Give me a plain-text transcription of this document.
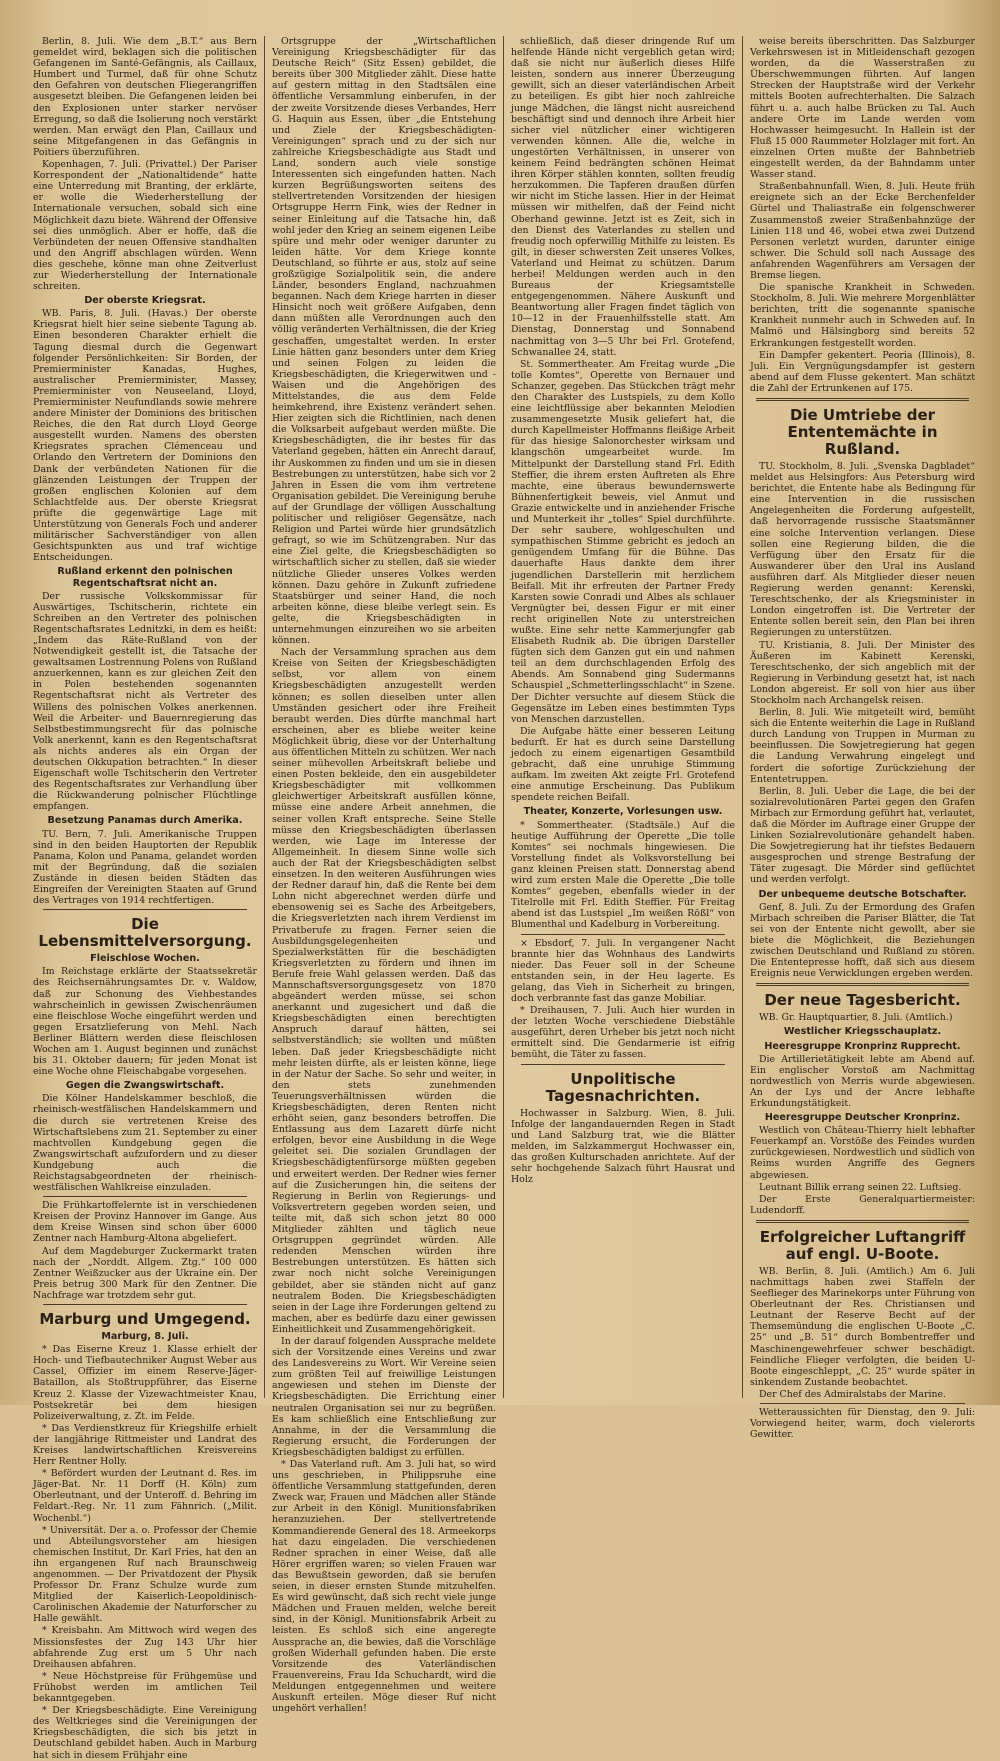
Berlin, 8. Juli. Wie dem „B.T.“ aus Bern gemeldet wird, beklagen sich die politischen Gefangenen im Santé-Gefängnis, als Caillaux, Humbert und Turmel, daß für ohne Schutz den Gefahren von deutschen Fliegerangriffen ausgesetzt bleiben. Die Gefangenen leiden bei den Explosionen unter starker nervöser Erregung, so daß die Isolierung noch verstärkt werden. Man erwägt den Plan, Caillaux und seine Mitgefangenen in das Gefängnis in Poitiers überzuführen.

Kopenhagen, 7. Juli. (Privattel.) Der Pariser Korrespondent der „Nationaltidende“ hatte eine Unterredung mit Branting, der erklärte, er wolle die Wiederherstellung der Internationale versuchen, sobald sich eine Möglichkeit dazu biete. Während der Offensive sei dies unmöglich. Aber er hoffe, daß die Verbündeten der neuen Offensive standhalten und den Angriff abschlagen würden. Wenn dies geschehe, könne man ohne Zeitverlust zur Wiederherstellung der Internationale schreiten.

Der oberste Kriegsrat.

WB. Paris, 8. Juli. (Havas.) Der oberste Kriegsrat hielt hier seine siebente Tagung ab. Einen besonderen Charakter erhielt die Tagung diesmal durch die Gegenwart folgender Persönlichkeiten: Sir Borden, der Premierminister Kanadas, Hughes, australischer Premierminister, Massey, Premierminister von Neuseeland, Lloyd, Premierminister Neufundlands sowie mehrere andere Minister der Dominions des britischen Reiches, die den Rat durch Lloyd George ausgestellt wurden. Namens des obersten Kriegsrates sprachen Clémenceau und Orlando den Vertretern der Dominions den Dank der verbündeten Nationen für die glänzenden Leistungen der Truppen der großen englischen Kolonien auf dem Schlachtfelde aus. Der oberste Kriegsrat prüfte die gegenwärtige Lage mit Unterstützung von Generals Foch und anderer militärischer Sachverständiger von allen Gesichtspunkten aus und traf wichtige Entscheidungen.

Rußland erkennt den polnischen Regentschaftsrat nicht an.

Der russische Volkskommissar für Auswärtiges, Tschitscherin, richtete ein Schreiben an den Vertreter des polnischen Regentschaftsrates Lednitzki, in dem es heißt: „Indem das Räte-Rußland von der Notwendigkeit gestellt ist, die Tatsache der gewaltsamen Lostrennung Polens von Rußland anzuerkennen, kann es zur gleichen Zeit den in Polen bestehenden sogenannten Regentschaftsrat nicht als Vertreter des Willens des polnischen Volkes anerkennen. Weil die Arbeiter- und Bauernregierung das Selbstbestimmungsrecht für das polnische Volk anerkennt, kann es den Regentschaftsrat als nichts anderes als ein Organ der deutschen Okkupation betrachten.“ In dieser Eigenschaft wolle Tschitscherin den Vertreter des Regentschaftsrates zur Verhandlung über die Rückwanderung polnischer Flüchtlinge empfangen.

Besetzung Panamas durch Amerika.

TU. Bern, 7. Juli. Amerikanische Truppen sind in den beiden Hauptorten der Republik Panama, Kolon und Panama, gelandet worden mit der Begründung, daß die sozialen Zustände in diesen beiden Städten das Eingreifen der Vereinigten Staaten auf Grund des Vertrages von 1914 rechtfertigen.

Die Lebensmittelversorgung.
Fleischlose Wochen.

Im Reichstage erklärte der Staatssekretär des Reichsernährungsamtes Dr. v. Waldow, daß zur Schonung des Viehbestandes wahrscheinlich in gewissen Zwischenräumen eine fleischlose Woche eingeführt werden und gegen Ersatzlieferung von Mehl. Nach Berliner Blättern werden diese fleischlosen Wochen am 1. August beginnen und zunächst bis 31. Oktober dauern; für jeden Monat ist eine Woche ohne Fleischabgabe vorgesehen.

Gegen die Zwangswirtschaft.

Die Kölner Handelskammer beschloß, die rheinisch-westfälischen Handelskammern und die durch sie vertretenen Kreise des Wirtschaftslebens zum 21. September zu einer machtvollen Kundgebung gegen die Zwangswirtschaft aufzufordern und zu dieser Kundgebung auch die Reichstagsabgeordneten der rheinisch-westfälischen Wahlkreise einzuladen.

Die Frühkartoffelernte ist in verschiedenen Kreisen der Provinz Hannover im Gange. Aus dem Kreise Winsen sind schon über 6000 Zentner nach Hamburg-Altona abgeliefert.

Auf dem Magdeburger Zuckermarkt traten nach der „Norddt. Allgem. Ztg.“ 100 000 Zentner Weißzucker aus der Ukraine ein. Der Preis betrug 300 Mark für den Zentner. Die Nachfrage war trotzdem sehr gut.

Marburg und Umgegend.
Marburg, 8. Juli.

* Das Eiserne Kreuz 1. Klasse erhielt der Hoch- und Tiefbautechniker August Weber aus Cassel, Offizier im einem Reserve-Jäger-Bataillon, als Stoßtruppführer, das Eiserne Kreuz 2. Klasse der Vizewachtmeister Knau, Postsekretär bei dem hiesigen Polizeiverwaltung, z. Zt. im Felde.

* Das Verdienstkreuz für Kriegshilfe erhielt der langjährige Rittmeister und Landrat des Kreises landwirtschaftlichen Kreisvereins Herr Rentner Holly.

* Befördert wurden der Leutnant d. Res. im Jäger-Bat. Nr. 11 Dorff (H. Köln) zum Oberleutnant, und der Unteroff. d. Behring im Feldart.-Reg. Nr. 11 zum Fähnrich. („Milit. Wochenbl.“)

* Universität. Der a. o. Professor der Chemie und Abteilungsvorsteher am hiesigen chemischen Institut, Dr. Karl Fries, hat den an ihn ergangenen Ruf nach Braunschweig angenommen. — Der Privatdozent der Physik Professor Dr. Franz Schulze wurde zum Mitglied der Kaiserlich-Leopoldinisch-Carolinischen Akademie der Naturforscher zu Halle gewählt.

* Kreisbahn. Am Mittwoch wird wegen des Missionsfestes der Zug 143 Uhr hier abfahrende Zug erst um 5 Uhr nach Dreihausen abfahren.

* Neue Höchstpreise für Frühgemüse und Frühobst werden im amtlichen Teil bekanntgegeben.

* Der Kriegsbeschädigte. Eine Vereinigung des Weltkrieges sind die Vereinigungen der Kriegsbeschädigten, die sich bis jetzt in Deutschland gebildet haben. Auch in Marburg hat sich in diesem Frühjahr eine

Ortsgruppe der „Wirtschaftlichen Vereinigung Kriegsbeschädigter für das Deutsche Reich“ (Sitz Essen) gebildet, die bereits über 300 Mitglieder zählt. Diese hatte auf gestern mittag in den Stadtsälen eine öffentliche Versammlung einberufen, in der der zweite Vorsitzende dieses Verbandes, Herr G. Haquin aus Essen, über „die Entstehung und Ziele der Kriegsbeschädigten-Vereinigungen“ sprach und zu der sich nur zahlreiche Kriegsbeschädigte aus Stadt und Land, sondern auch viele sonstige Interessenten sich eingefunden hatten. Nach kurzen Begrüßungsworten seitens des stellvertretenden Vorsitzenden der hiesigen Ortsgruppe Herrn Fink, wies der Redner in seiner Einleitung auf die Tatsache hin, daß wohl jeder den Krieg an seinem eigenen Leibe spüre und mehr oder weniger darunter zu leiden hätte. Vor dem Kriege konnte Deutschland, so führte er aus, stolz auf seine großzügige Sozialpolitik sein, die andere Länder, besonders England, nachzuahmen begannen. Nach dem Kriege harrten in dieser Hinsicht noch weit größere Aufgaben, denn dann müßten alle Verordnungen auch den völlig veränderten Verhältnissen, die der Krieg geschaffen, umgestaltet werden. In erster Linie hätten ganz besonders unter dem Krieg und seinen Folgen zu leiden die Kriegsbeschädigten, die Kriegerwitwen und -Waisen und die Angehörigen des Mittelstandes, die aus dem Felde heimkehrend, ihre Existenz verändert sehen. Hier zeigten sich die Richtlinien, nach denen die Volksarbeit aufgebaut werden müßte. Die Kriegsbeschädigten, die ihr bestes für das Vaterland gegeben, hätten ein Anrecht darauf, ihr Auskommen zu finden und um sie in diesen Bestrebungen zu unterstützen, habe sich vor 2 Jahren in Essen die vom ihm vertretene Organisation gebildet. Die Vereinigung beruhe auf der Grundlage der völligen Ausschaltung politischer und religiöser Gegensätze, nach Religion und Partei würde hier grundsätzlich gefragt, so wie im Schützengraben. Nur das eine Ziel gelte, die Kriegsbeschädigten so wirtschaftlich sicher zu stellen, daß sie wieder nützliche Glieder unseres Volkes werden können. Dazu gehöre in Zukunft zufriedene Staatsbürger und seiner Hand, die noch arbeiten könne, diese bleibe verlegt sein. Es gelte, die Kriegsbeschädigten in unternehmungen einzureihen wo sie arbeiten können.

Nach der Versammlung sprachen aus dem Kreise von Seiten der Kriegsbeschädigten selbst, vor allem von einem Kriegsbeschädigten anzugestellt werden können; es sollen dieselben unter allen Umständen gesichert oder ihre Freiheit beraubt werden. Dies dürfte manchmal hart erscheinen, aber es bliebe weiter keine Möglichkeit übrig, diese vor der Unterhaltung aus öffentlichen Mitteln zu schützen. Wer nach seiner mühevollen Arbeitskraft beliebe und einen Posten bekleide, den ein ausgebildeter Kriegsbeschädigter mit vollkommen gleichwertiger Arbeitskraft ausfüllen könne, müsse eine andere Arbeit annehmen, die seiner vollen Kraft entspreche. Seine Stelle müsse den Kriegsbeschädigten überlassen werden, wie Lage im Interesse der Allgemeinheit. In diesem Sinne wolle sich auch der Rat der Kriegsbeschädigten selbst einsetzen. In den weiteren Ausführungen wies der Redner darauf hin, daß die Rente bei dem Lohn nicht abgerechnet werden dürfe und ebensowenig sei es Sache des Arbeitgebers, die Kriegsverletzten nach ihrem Verdienst im Privatberufe zu fragen. Ferner seien die Ausbildungsgelegenheiten und Spezialwerkstätten für die beschädigten Kriegsverletzten zu fördern und ihnen im Berufe freie Wahl gelassen werden. Daß das Mannschaftsversorgungsgesetz von 1870 abgeändert werden müsse, sei schon anerkannt und zugesichert und daß die Kriegsbeschädigten einen berechtigten Anspruch darauf hätten, sei selbstverständlich; sie wollten und müßten leben. Daß jeder Kriegsbeschädigte nicht mehr leisten dürfte, als er leisten könne, liege in der Natur der Sache. So sehr und weiter, in den stets zunehmenden Teuerungsverhältnissen würden die Kriegsbeschädigten, deren Renten nicht erhöht seien, ganz besonders betroffen. Die Entlassung aus dem Lazarett dürfe nicht erfolgen, bevor eine Ausbildung in die Wege geleitet sei. Die sozialen Grundlagen der Kriegsbeschädigtenfürsorge müßten gegeben und erweitert werden. Der Redner wies ferner auf die Zusicherungen hin, die seitens der Regierung in Berlin von Regierungs- und Volksvertretern gegeben worden seien, und teilte mit, daß sich schon jetzt 80 000 Mitglieder zählten und täglich neue Ortsgruppen gegründet würden. Alle redenden Menschen würden ihre Bestrebungen unterstützen. Es hätten sich zwar noch nicht solche Vereinigungen gebildet, aber sie ständen nicht auf ganz neutralem Boden. Die Kriegsbeschädigten seien in der Lage ihre Forderungen geltend zu machen, aber es bedürfe dazu einer gewissen Einheitlichkeit und Zusammengehörigkeit.

In der darauf folgenden Aussprache meldete sich der Vorsitzende eines Vereins und zwar des Landesvereins zu Wort. Wir Vereine seien zum größten Teil auf freiwillige Leistungen angewiesen und stehen im Dienste der Kriegsbeschädigten. Die Errichtung einer neutralen Organisation sei nur zu begrüßen. Es kam schließlich eine Entschließung zur Annahme, in der die Versammlung die Regierung ersucht, die Forderungen der Kriegsbeschädigten baldigst zu erfüllen.

* Das Vaterland ruft. Am 3. Juli hat, so wird uns geschrieben, in Philippsruhe eine öffentliche Versammlung stattgefunden, deren Zweck war, Frauen und Mädchen aller Stände zur Arbeit in den Königl. Munitionsfabriken heranzuziehen. Der stellvertretende Kommandierende General des 18. Armeekorps hat dazu eingeladen. Die verschiedenen Redner sprachen in einer Weise, daß alle Hörer ergriffen waren; so vielen Frauen war das Bewußtsein geworden, daß sie berufen seien, in dieser ernsten Stunde mitzuhelfen. Es wird gewünscht, daß sich recht viele junge Mädchen und Frauen melden, welche bereit sind, in der Königl. Munitionsfabrik Arbeit zu leisten. Es schloß sich eine angeregte Aussprache an, die bewies, daß die Vorschläge großen Widerhall gefunden haben. Die erste Vorsitzende des Vaterländischen Frauenvereins, Frau Ida Schuchardt, wird die Meldungen entgegennehmen und weitere Auskunft erteilen. Möge dieser Ruf nicht ungehört verhallen!

schließlich, daß dieser dringende Ruf um helfende Hände nicht vergeblich getan wird; daß sie nicht nur äußerlich dieses Hilfe leisten, sondern aus innerer Überzeugung gewillt, sich an dieser vaterländischen Arbeit zu beteiligen. Es gibt hier noch zahlreiche junge Mädchen, die längst nicht ausreichend beschäftigt sind und dennoch ihre Arbeit hier sicher viel nützlicher einer wichtigeren verwenden können. Alle die, welche in ungestörten Verhältnissen, in unserer von keinem Feind bedrängten schönen Heimat ihren Körper stählen konnten, sollten freudig herzukommen. Die Tapferen draußen dürfen wir nicht im Stiche lassen. Hier in der Heimat müssen wir mithelfen, daß der Feind nicht Oberhand gewinne. Jetzt ist es Zeit, sich in den Dienst des Vaterlandes zu stellen und freudig noch opferwillig Mithilfe zu leisten. Es gilt, in dieser schwersten Zeit unseres Volkes, Vaterland und Heimat zu schützen. Darum herbei! Meldungen werden auch in den Bureaus der Kriegsamtstelle entgegengenommen. Nähere Auskunft und Beantwortung aller Fragen findet täglich von 10—12 in der Frauenhilfsstelle statt. Am Dienstag, Donnerstag und Sonnabend nachmittag von 3—5 Uhr bei Frl. Grotefend, Schwanallee 24, statt.

St. Sommertheater. Am Freitag wurde „Die tolle Komtes“, Operette von Bernauer und Schanzer, gegeben. Das Stückchen trägt mehr den Charakter des Lustspiels, zu dem Kollo eine leichtflüssige aber bekannten Melodien zusammengesetzte Musik geliefert hat, die durch Kapellmeister Hoffmanns fleißige Arbeit für das hiesige Salonorchester wirksam und klangschön umgearbeitet wurde. Im Mittelpunkt der Darstellung stand Frl. Edith Steffier, die ihrem ersten Auftreten als Ehre machte, eine überaus bewundernswerte Bühnenfertigkeit beweis, viel Anmut und Grazie entwickelte und in anziehender Frische und Munterkeit ihr „tolles“ Spiel durchführte. Der sehr saubere, wohlgeschulten und sympathischen Stimme gebricht es jedoch an genügendem Umfang für die Bühne. Das dauerhafte Haus dankte dem ihrer jugendlichen Darstellerin mit herzlichem Beifall. Mit ihr erfreuten der Partner Fredy Karsten sowie Conradi und Albes als schlauer Vergnügter bei, dessen Figur er mit einer recht originellen Note zu unterstreichen wußte. Eine sehr nette Kammerjungfer gab Elisabeth Rudnik ab. Die übrigen Darsteller fügten sich dem Ganzen gut ein und nahmen teil an dem durchschlagenden Erfolg des Abends. Am Sonnabend ging Sudermanns Schauspiel „Schmetterlingsschlacht“ in Szene. Der Dichter versuchte auf diesem Stück die Gegensätze im Leben eines bestimmten Typs von Menschen darzustellen.

Die Aufgabe hätte einer besseren Leitung bedurft. Er hat es durch seine Darstellung jedoch zu einem eigenartigen Gesamtbild gebracht, daß eine unruhige Stimmung aufkam. Im zweiten Akt zeigte Frl. Grotefend eine anmutige Erscheinung. Das Publikum spendete reichen Beifall.

Theater, Konzerte, Vorlesungen usw.

* Sommertheater. (Stadtsäle.) Auf die heutige Aufführung der Operette „Die tolle Komtes“ sei nochmals hingewiesen. Die Vorstellung findet als Volksvorstellung bei ganz kleinen Preisen statt. Donnerstag abend wird zum ersten Male die Operette „Die tolle Komtes“ gegeben, ebenfalls wieder in der Titelrolle mit Frl. Edith Steffier. Für Freitag abend ist das Lustspiel „Im weißen Rößl“ von Blumenthal und Kadelburg in Vorbereitung.

× Ebsdorf, 7. Juli. In vergangener Nacht brannte hier das Wohnhaus des Landwirts nieder. Das Feuer soll in der Scheune entstanden sein, in der Heu lagerte. Es gelang, das Vieh in Sicherheit zu bringen, doch verbrannte fast das ganze Mobiliar.

* Dreihausen, 7. Juli. Auch hier wurden in der letzten Woche verschiedene Diebstähle ausgeführt, deren Urheber bis jetzt noch nicht ermittelt sind. Die Gendarmerie ist eifrig bemüht, die Täter zu fassen.

Unpolitische Tagesnachrichten.

Hochwasser in Salzburg. Wien, 8. Juli. Infolge der langandauernden Regen in Stadt und Land Salzburg trat, wie die Blätter melden, im Salzkammergut Hochwasser ein, das großen Kulturschaden anrichtete. Auf der sehr hochgehende Salzach führt Hausrat und Holz

weise bereits überschritten. Das Salzburger Verkehrswesen ist in Mitleidenschaft gezogen worden, da die Wasserstraßen zu Überschwemmungen führten. Auf langen Strecken der Hauptstraße wird der Verkehr mittels Booten aufrechterhalten. Die Salzach führt u. a. auch halbe Brücken zu Tal. Auch andere Orte im Lande werden vom Hochwasser heimgesucht. In Hallein ist der Fluß 15 000 Raummeter Holzlager mit fort. An einzelnen Orten mußte der Bahnbetrieb eingestellt werden, da der Bahndamm unter Wasser stand.

Straßenbahnunfall. Wien, 8. Juli. Heute früh ereignete sich an der Ecke Berchenfelder Gürtel und Thaliastraße ein folgenschwerer Zusammenstoß zweier Straßenbahnzüge der Linien 118 und 46, wobei etwa zwei Dutzend Personen verletzt wurden, darunter einige schwer. Die Schuld soll nach Aussage des anfahrenden Wagenführers am Versagen der Bremse liegen.

Die spanische Krankheit in Schweden. Stockholm, 8. Juli. Wie mehrere Morgenblätter berichten, tritt die sogenannte spanische Krankheit nunmehr auch in Schweden auf. In Malmö und Hälsingborg sind bereits 52 Erkrankungen festgestellt worden.

Ein Dampfer gekentert. Peoria (Illinois), 8. Juli. Ein Vergnügungsdampfer ist gestern abend auf dem Flusse gekentert. Man schätzt die Zahl der Ertrunkenen auf 175.

Die Umtriebe der Ententemächte in Rußland.

TU. Stockholm, 8. Juli. „Svenska Dagbladet“ meldet aus Helsingfors: Aus Petersburg wird berichtet, die Entente habe als Bedingung für eine Intervention in die russischen Angelegenheiten die Forderung aufgestellt, daß hervorragende russische Staatsmänner eine solche Intervention verlangen. Diese sollen eine Regierung bilden, die die Verfügung über den Ersatz für die Auswanderer über den Ural ins Ausland ausführen darf. Als Mitglieder dieser neuen Regierung werden genannt: Kerenski, Tereschtschenko, der als Kriegsminister in London eingetroffen ist. Die Vertreter der Entente sollen bereit sein, den Plan bei ihren Regierungen zu unterstützen.

TU. Kristiania, 8. Juli. Der Minister des Äußeren im Kabinett Kerenski, Tereschtschenko, der sich angeblich mit der Regierung in Verbindung gesetzt hat, ist nach London abgereist. Er soll von hier aus über Stockholm nach Archangelsk reisen.

Berlin, 8. Juli. Wie mitgeteilt wird, bemüht sich die Entente weiterhin die Lage in Rußland durch Landung von Truppen in Murman zu beeinflussen. Die Sowjetregierung hat gegen die Landung Verwahrung eingelegt und fordert die sofortige Zurückziehung der Ententetruppen.

Berlin, 8. Juli. Ueber die Lage, die bei der sozialrevolutionären Partei gegen den Grafen Mirbach zur Ermordung geführt hat, verlautet, daß die Mörder im Auftrage einer Gruppe der Linken Sozialrevolutionäre gehandelt haben. Die Sowjetregierung hat ihr tiefstes Bedauern ausgesprochen und strenge Bestrafung der Täter zugesagt. Die Mörder sind geflüchtet und werden verfolgt.

Der unbequeme deutsche Botschafter.

Genf, 8. Juli. Zu der Ermordung des Grafen Mirbach schreiben die Pariser Blätter, die Tat sei von der Entente nicht gewollt, aber sie biete die Möglichkeit, die Beziehungen zwischen Deutschland und Rußland zu stören. Die Ententepresse hofft, daß sich aus diesem Ereignis neue Verwicklungen ergeben werden.

Der neue Tagesbericht.

WB. Gr. Hauptquartier, 8. Juli. (Amtlich.)

Westlicher Kriegsschauplatz.
Heeresgruppe Kronprinz Rupprecht.

Die Artillerietätigkeit lebte am Abend auf. Ein englischer Vorstoß am Nachmittag nordwestlich von Merris wurde abgewiesen. An der Lys und der Ancre lebhafte Erkundungstätigkeit.

Heeresgruppe Deutscher Kronprinz.

Westlich von Château-Thierry hielt lebhafter Feuerkampf an. Vorstöße des Feindes wurden zurückgewiesen. Nordwestlich und südlich von Reims wurden Angriffe des Gegners abgewiesen.

Leutnant Billik errang seinen 22. Luftsieg.

Der Erste Generalquartiermeister: Ludendorff.

Erfolgreicher Luftangriff auf engl. U-Boote.

WB. Berlin, 8. Juli. (Amtlich.) Am 6. Juli nachmittags haben zwei Staffeln der Seeflieger des Marinekorps unter Führung von Oberleutnant der Res. Christiansen und Leutnant der Reserve Becht auf der Themsemündung die englischen U-Boote „C. 25“ und „B. 51“ durch Bombentreffer und Maschinengewehrfeuer schwer beschädigt. Feindliche Flieger verfolgten, die beiden U-Boote eingeschleppt, „C. 25“ wurde später in sinkendem Zustande beobachtet.

Der Chef des Admiralstabs der Marine.

Wetteraussichten für Dienstag, den 9. Juli: Vorwiegend heiter, warm, doch vielerorts Gewitter.
